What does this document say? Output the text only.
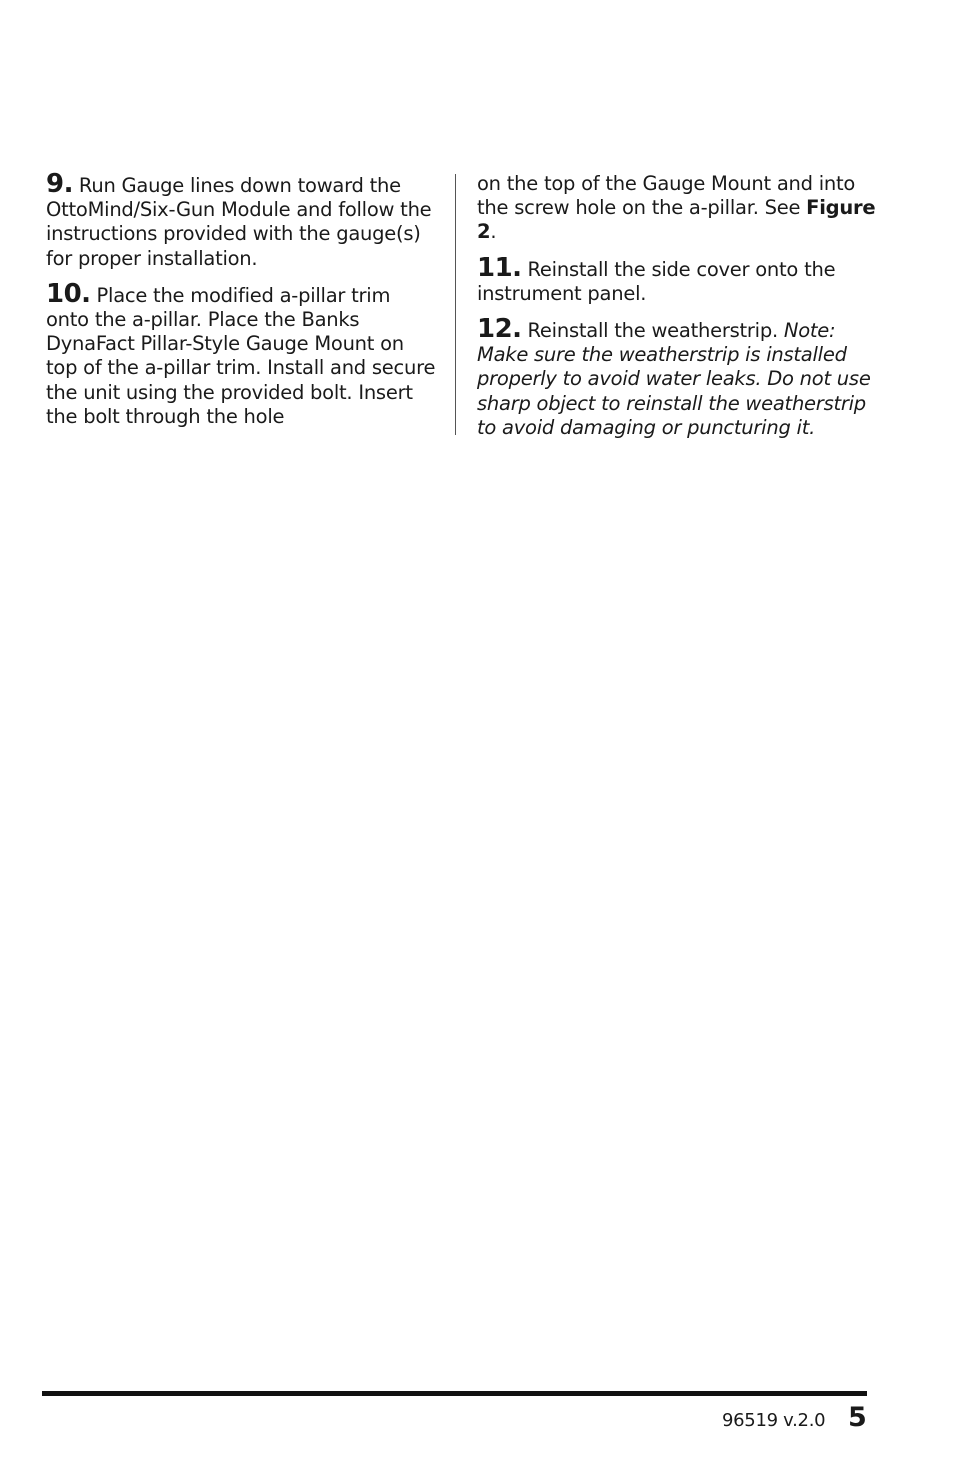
9. Run Gauge lines down toward the OttoMind/Six-Gun Module and follow the instructions provided with the gauge(s) for proper installation.

10. Place the modified a-pillar trim onto the a-pillar. Place the Banks DynaFact Pillar-Style Gauge Mount on top of the a-pillar trim. Install and secure the unit using the provided bolt. Insert the bolt through the hole

on the top of the Gauge Mount and into the screw hole on the a-pillar. See Figure 2.

11. Reinstall the side cover onto the instrument panel.

12. Reinstall the weatherstrip. Note: Make sure the weatherstrip is installed properly to avoid water leaks. Do not use sharp object to reinstall the weatherstrip to avoid damaging or puncturing it.

96519 v.2.0 5
